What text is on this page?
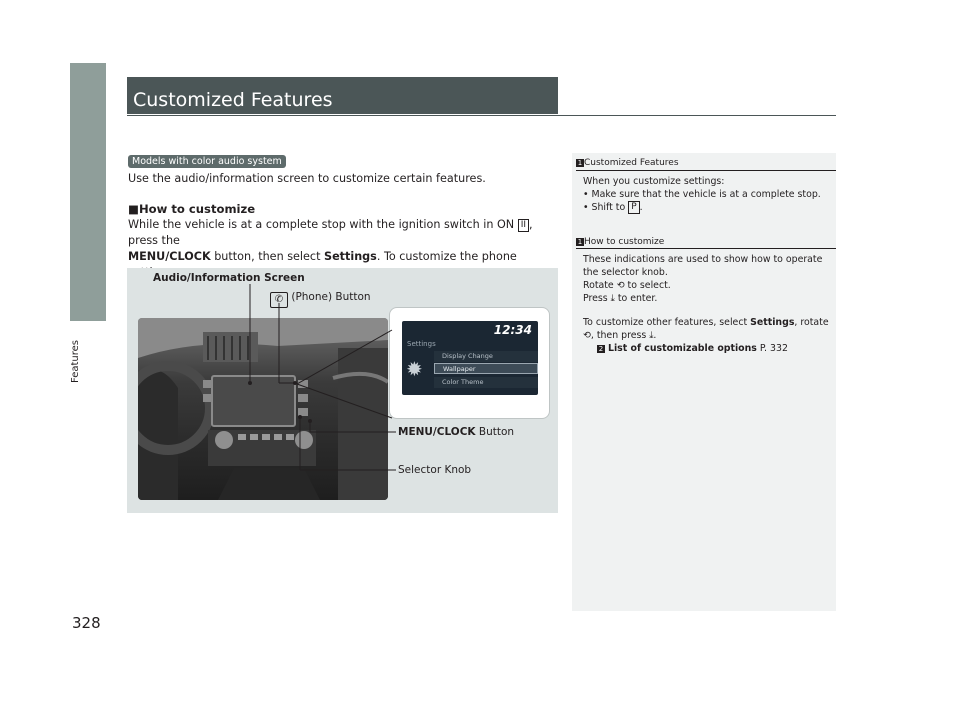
Features
328
Customized Features
Models with color audio system
Use the audio/information screen to customize certain features.
■How to customize
While the vehicle is at a complete stop with the ignition switch in ON II , press the
MENU/CLOCK button, then select Settings. To customize the phone
Audio/Information Screen
✆ (Phone) Button
12:34
Settings
✹
Display Change
Wallpaper
Color Theme
MENU/CLOCK Button
Selector Knob
1 Customized Features
When you customize settings:
• Make sure that the vehicle is at a complete stop.
• Shift to P .
1 How to customize
These indications are used to show how to operate the selector knob.
Rotate ⟲ to select.
Press ⤓ to enter.
To customize other features, select Settings, rotate
⟲, then press ⤓.
2 List of customizable options P. 332
